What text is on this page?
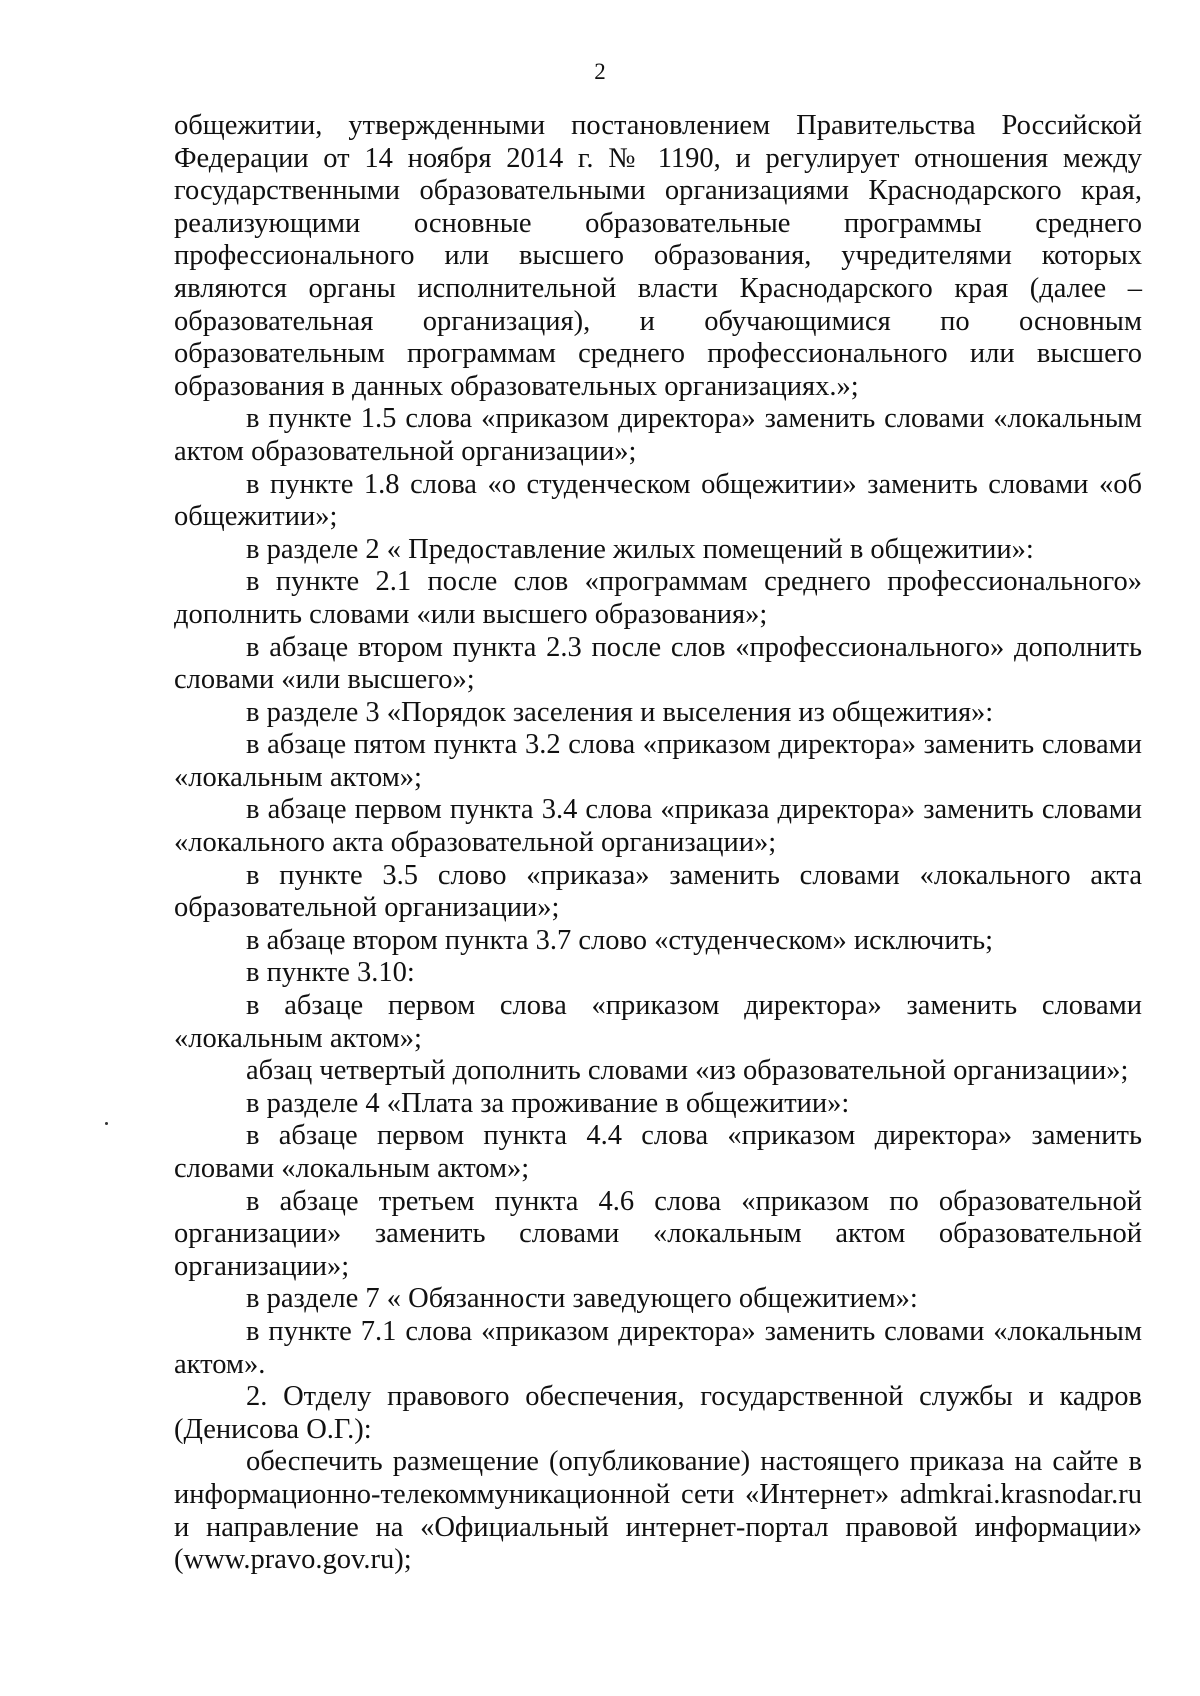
2

общежитии, утвержденными постановлением Правительства Российской Федерации от 14 ноября 2014 г. № 1190, и регулирует отношения между государственными образовательными организациями Краснодарского края, реализующими основные образовательные программы среднего профессионального или высшего образования, учредителями которых являются органы исполнительной власти Краснодарского края (далее – образовательная организация), и обучающимися по основным образовательным программам среднего профессионального или высшего образования в данных образовательных организациях.»;

в пункте 1.5 слова «приказом директора» заменить словами «локальным актом образовательной организации»;

в пункте 1.8 слова «о студенческом общежитии» заменить словами «об общежитии»;

в разделе 2 « Предоставление жилых помещений в общежитии»:

в пункте 2.1 после слов «программам среднего профессионального» дополнить словами «или высшего образования»;

в абзаце втором пункта 2.3 после слов «профессионального» дополнить словами «или высшего»;

в разделе 3 «Порядок заселения и выселения из общежития»:

в абзаце пятом пункта 3.2 слова «приказом директора» заменить словами «локальным актом»;

в абзаце первом пункта 3.4 слова «приказа директора» заменить словами «локального акта образовательной организации»;

в пункте 3.5 слово «приказа» заменить словами «локального акта образовательной организации»;

в абзаце втором пункта 3.7 слово «студенческом» исключить;

в пункте 3.10:

в абзаце первом слова «приказом директора» заменить словами «локальным актом»;

абзац четвертый дополнить словами «из образовательной организации»;

в разделе 4 «Плата за проживание в общежитии»:

в абзаце первом пункта 4.4 слова «приказом директора» заменить словами «локальным актом»;

в абзаце третьем пункта 4.6 слова «приказом по образовательной организации» заменить словами «локальным актом образовательной организации»;

в разделе 7 « Обязанности заведующего общежитием»:

в пункте 7.1 слова «приказом директора» заменить словами «локальным актом».

2. Отделу правового обеспечения, государственной службы и кадров (Денисова О.Г.):

обеспечить размещение (опубликование) настоящего приказа на сайте в информационно-телекоммуникационной сети «Интернет» admkrai.krasnodar.ru и направление на «Официальный интернет-портал правовой информации» (www.pravo.gov.ru);
